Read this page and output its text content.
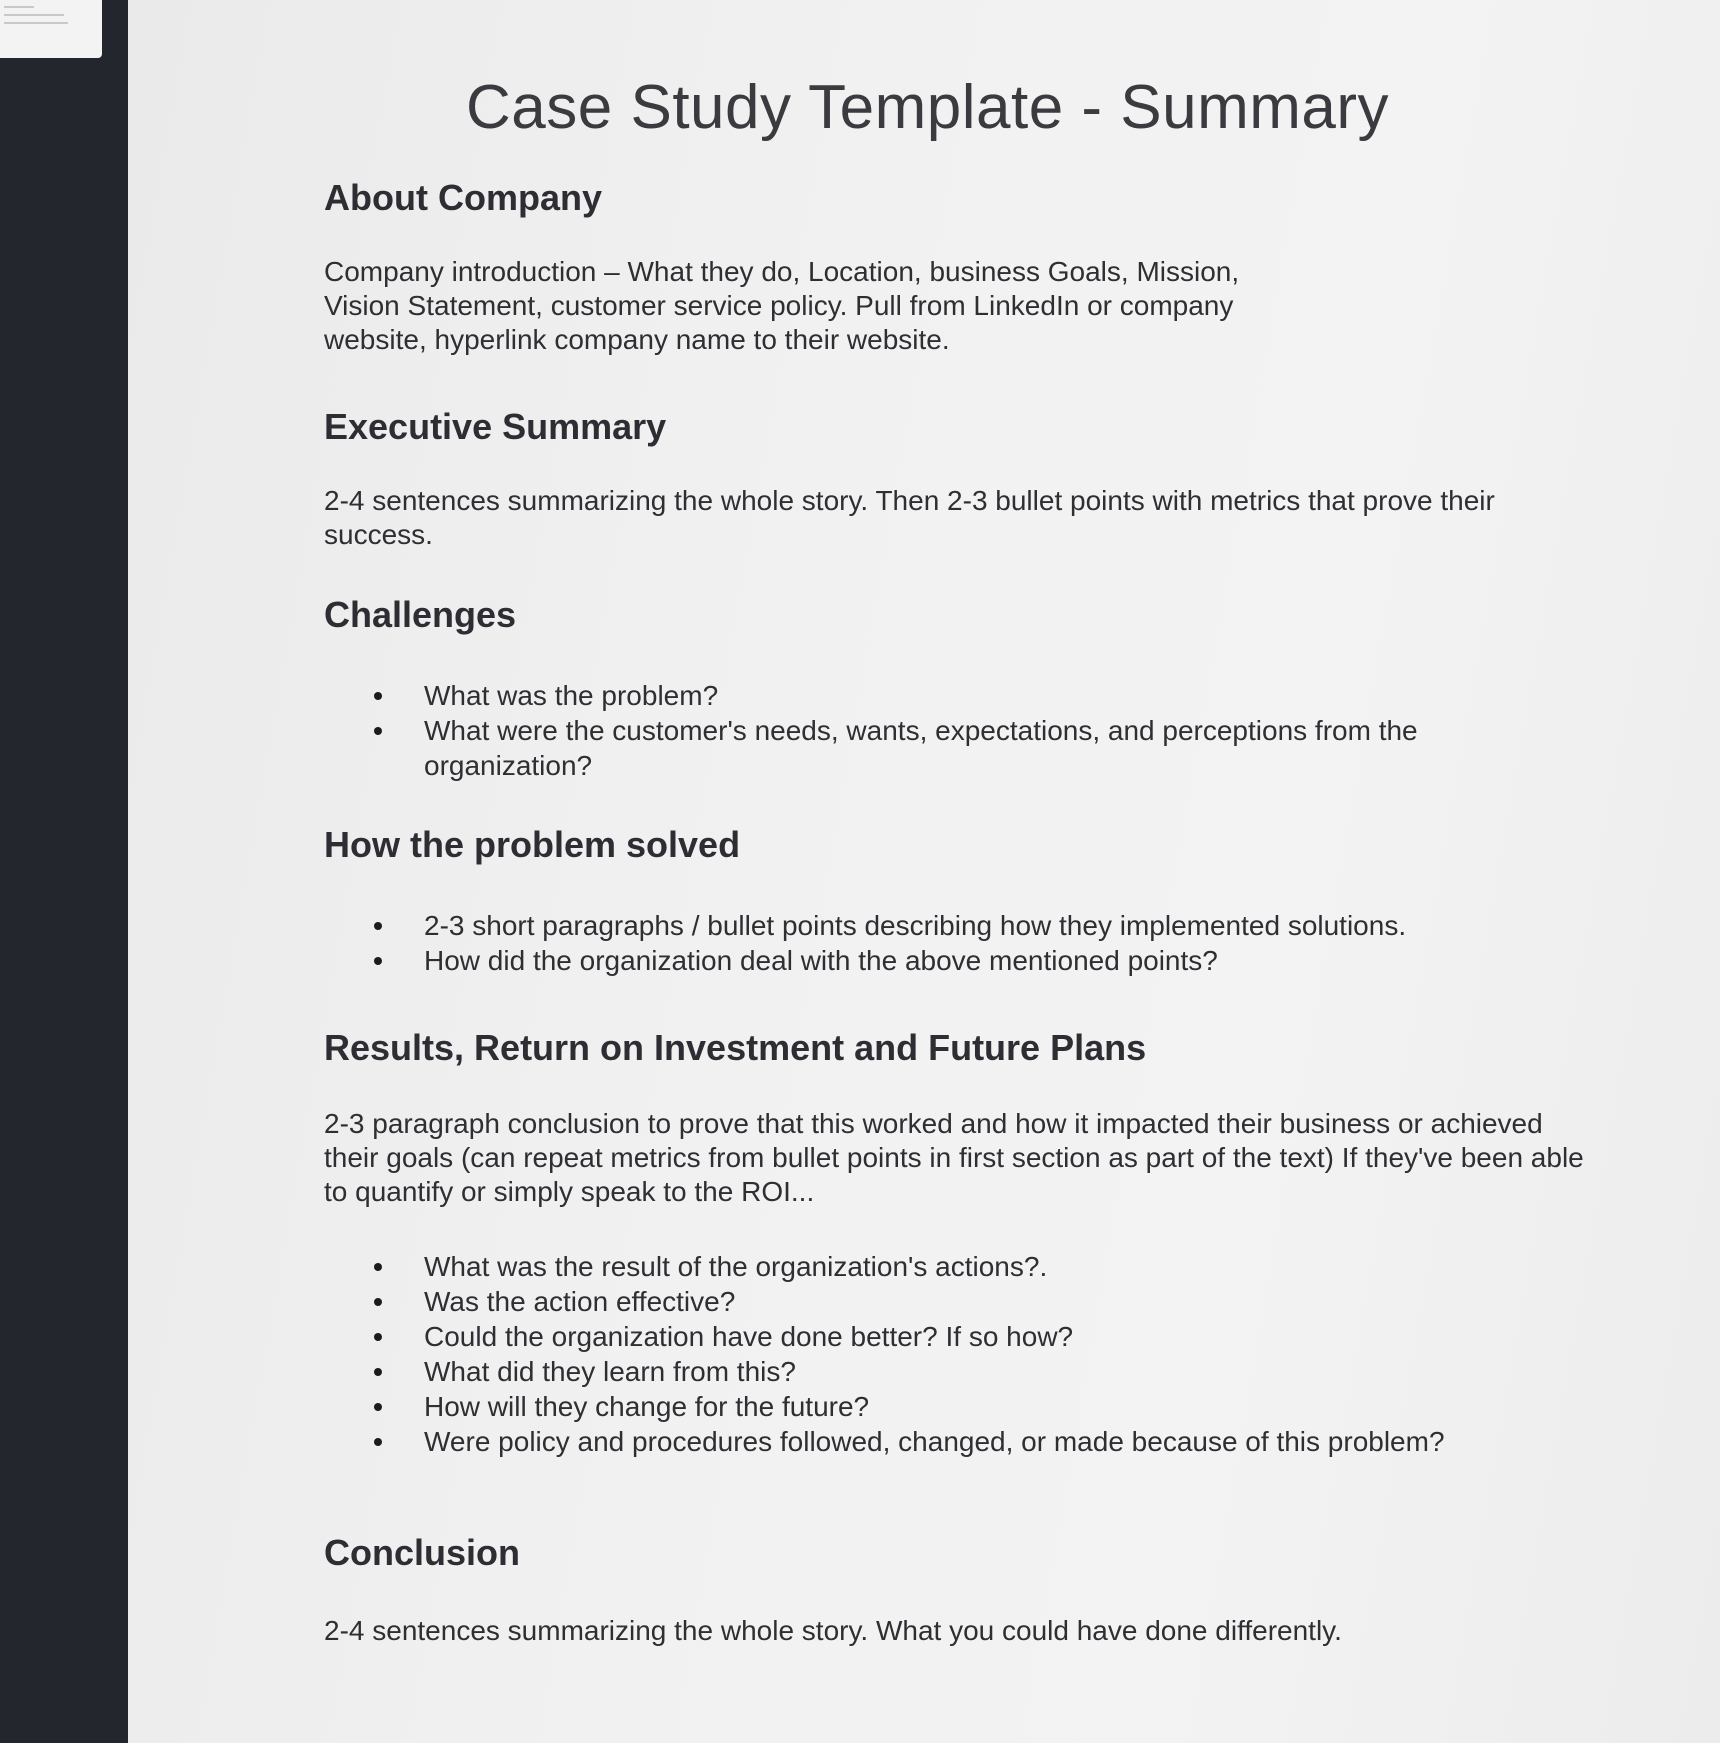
Case Study Template - Summary
About Company

Company introduction – What they do, Location, business Goals, Mission, Vision Statement, customer service policy. Pull from LinkedIn or company website, hyperlink company name to their website.

Executive Summary

2-4 sentences summarizing the whole story. Then 2-3 bullet points with metrics that prove their success.

Challenges
What was the problem?
What were the customer's needs, wants, expectations, and perceptions from the organization?
How the problem solved
2-3 short paragraphs / bullet points describing how they implemented solutions.
How did the organization deal with the above mentioned points?
Results, Return on Investment and Future Plans

2-3 paragraph conclusion to prove that this worked and how it impacted their business or achieved their goals (can repeat metrics from bullet points in first section as part of the text) If they've been able to quantify or simply speak to the ROI...

What was the result of the organization's actions?.
Was the action effective?
Could the organization have done better? If so how?
What did they learn from this?
How will they change for the future?
Were policy and procedures followed, changed, or made because of this problem?
Conclusion

2-4 sentences summarizing the whole story. What you could have done differently.
